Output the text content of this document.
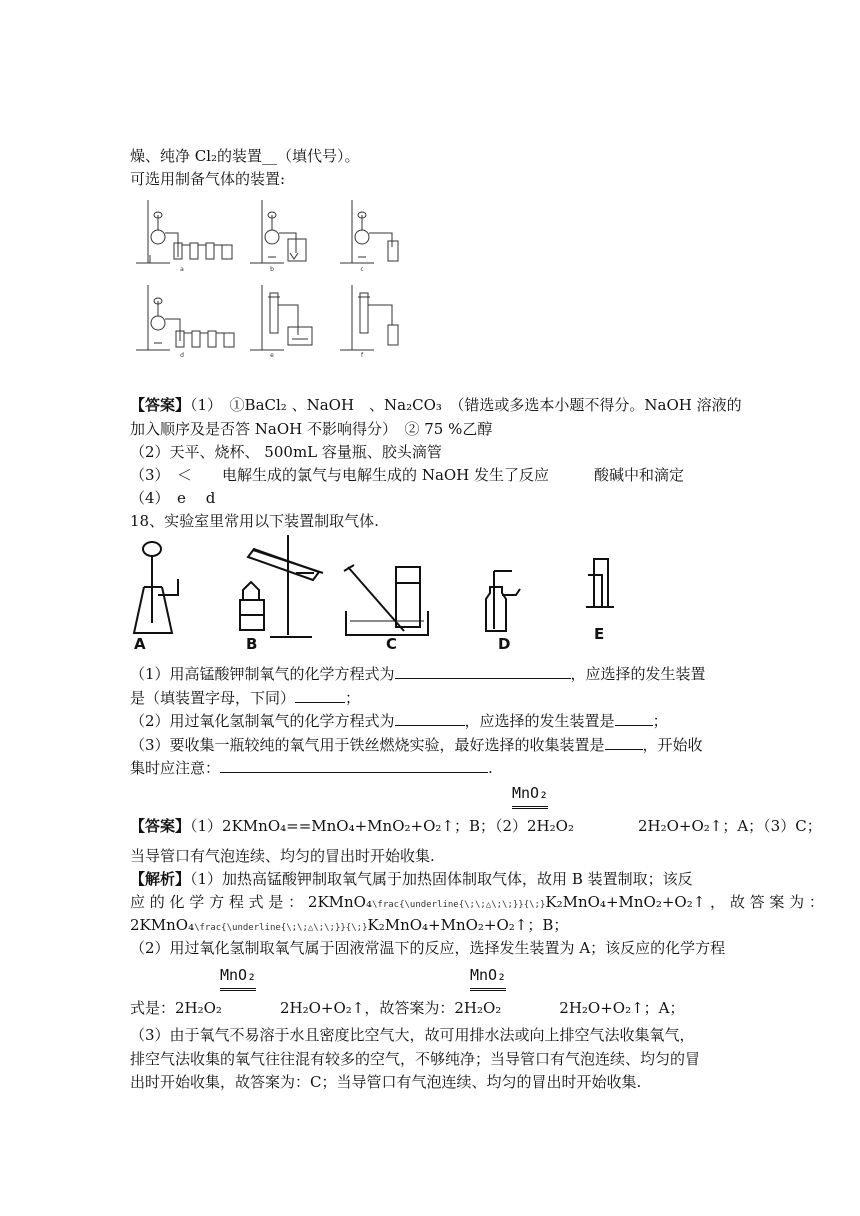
燥、纯净 Cl₂的装置__（填代号）。
可选用制备气体的装置:
a	b	c
d	e	f
【答案】（1）　①BaCl₂ 、NaOH　、Na₂CO₃　（错选或多选本小题不得分。NaOH 溶液的
加入顺序及是否答 NaOH 不影响得分）　② 75 %乙醇
（2）天平、烧杯、 500mL 容量瓶、胶头滴管
（3）　＜　　电解生成的氯气与电解生成的 NaOH 发生了反应　　　酸碱中和滴定
（4）　e　 d
18、实验室里常用以下装置制取气体.
A	B	C	D
E
（1）用高锰酸钾制氧气的化学方程式为	，应选择的发生装置
是（填装置字母，下同）	；
（2）用过氧化氢制氧气的化学方程式为	，应选择的发生装置是	；
（3）要收集一瓶较纯的氧气用于铁丝燃烧实验，最好选择的收集装置是	，开始收
集时应注意：	.
MnO₂
【答案】（1）2KMnO₄==MnO₄+MnO₂+O₂↑；B；（2）2H₂O₂	2H₂O+O₂↑；A；（3）C；
当导管口有气泡连续、均匀的冒出时开始收集.
【解析】（1）加热高锰酸钾制取氧气属于加热固体制取气体，故用 B 装置制取；该反
应 的 化 学 方 程 式 是 ： 2KMnO₄\frac{\underline{\;\;△\;\;}}{\;}K₂MnO₄+MnO₂+O₂↑ ， 故 答 案 为 ：
2KMnO₄\frac{\underline{\;\;△\;\;}}{\;}K₂MnO₄+MnO₂+O₂↑；B；
（2）用过氧化氢制取氧气属于固液常温下的反应，选择发生装置为 A；该反应的化学方程
MnO₂	MnO₂
式是：2H₂O₂	2H₂O+O₂↑，故答案为：2H₂O₂	2H₂O+O₂↑；A；
（3）由于氧气不易溶于水且密度比空气大，故可用排水法或向上排空气法收集氧气，
排空气法收集的氧气往往混有较多的空气，不够纯净；当导管口有气泡连续、均匀的冒
出时开始收集，故答案为：C；当导管口有气泡连续、均匀的冒出时开始收集.
